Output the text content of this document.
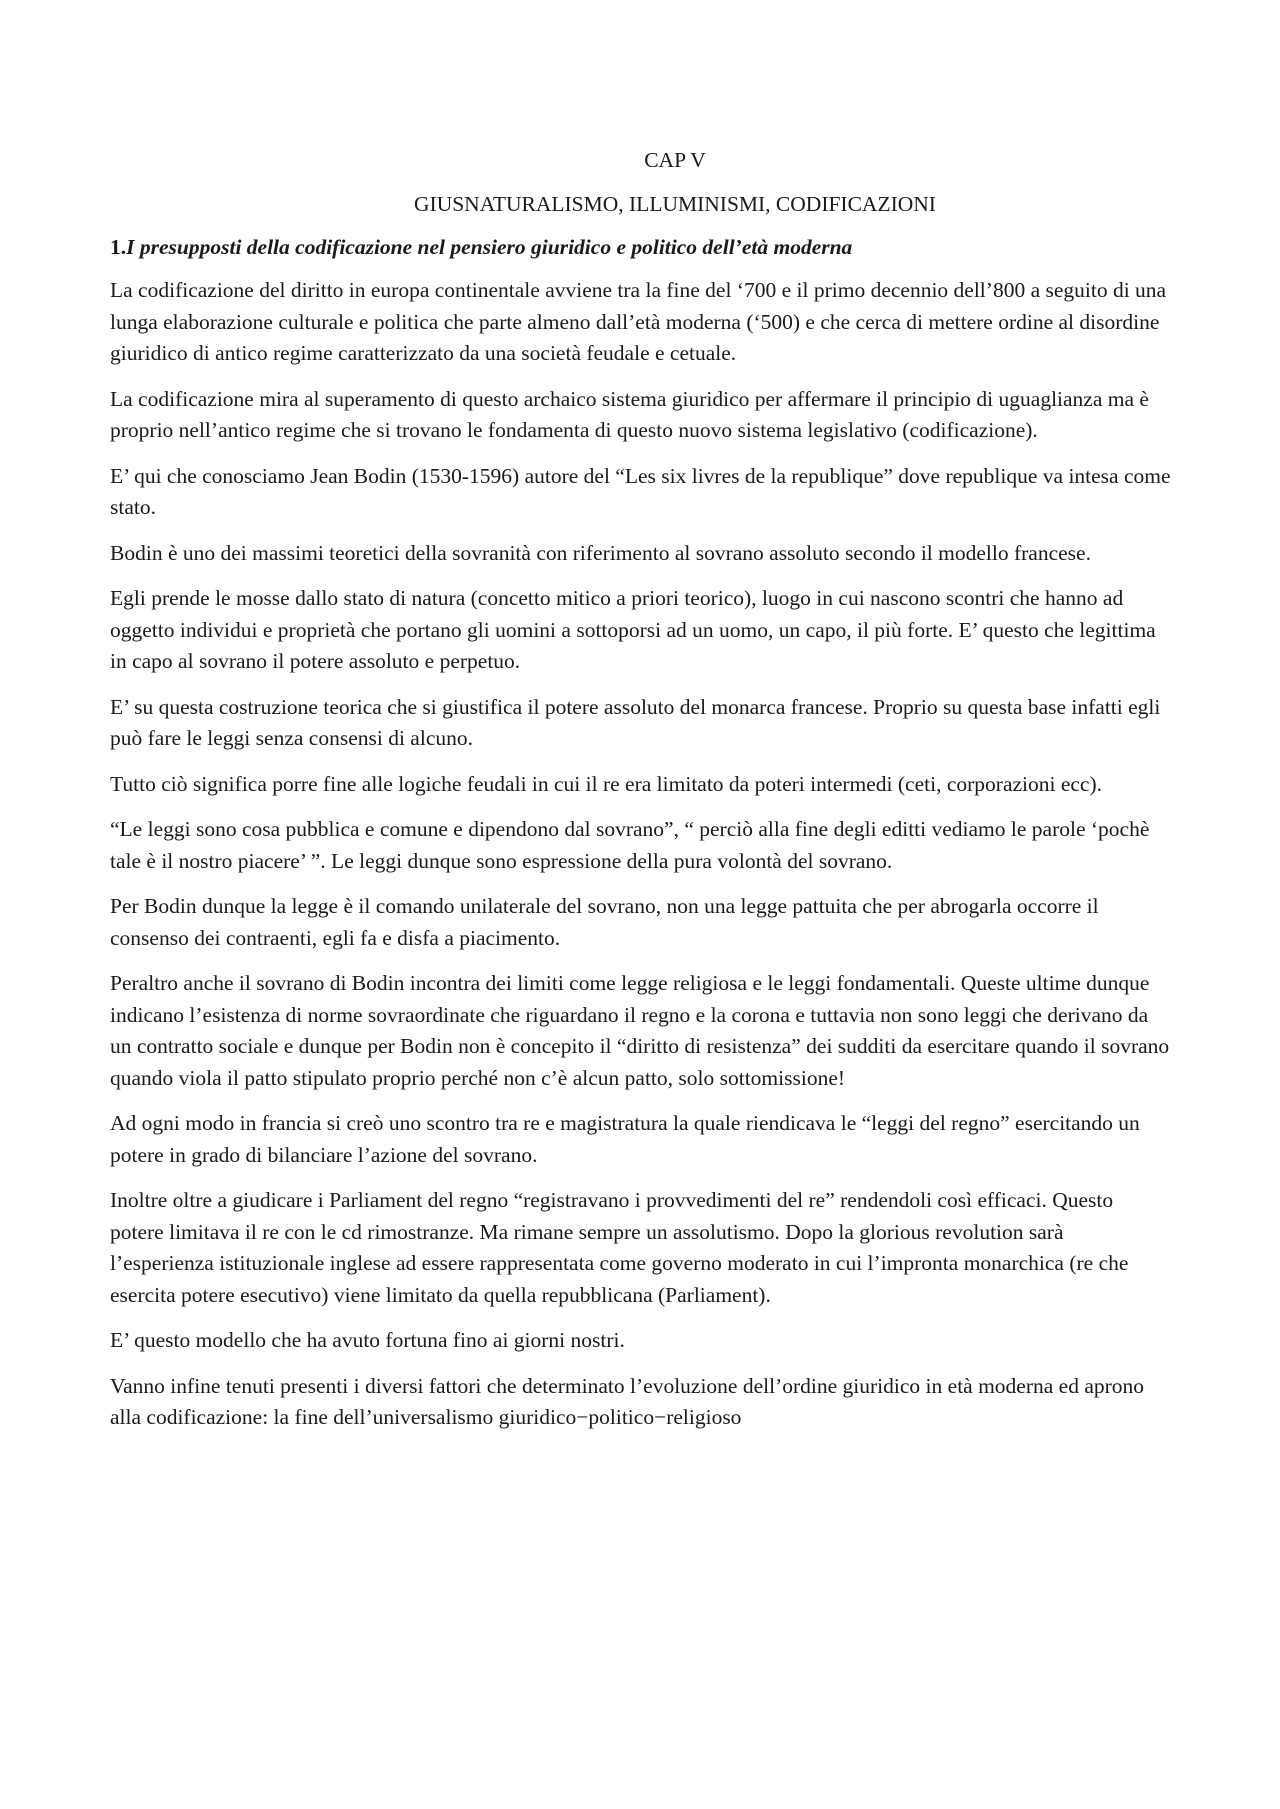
CAP V

GIUSNATURALISMO, ILLUMINISMI, CODIFICAZIONI

1.I presupposti della codificazione nel pensiero giuridico e politico dell’età moderna

La codificazione del diritto in europa continentale avviene tra la fine del ‘700 e il primo decennio dell’800 a seguito di una lunga elaborazione culturale e politica che parte almeno dall’età moderna (‘500) e che cerca di mettere ordine al disordine giuridico di antico regime caratterizzato da una società feudale e cetuale.

La codificazione mira al superamento di questo archaico sistema giuridico per affermare il principio di uguaglianza ma è proprio nell’antico regime che si trovano le fondamenta di questo nuovo sistema legislativo (codificazione).

E’ qui che conosciamo Jean Bodin (1530-1596) autore del “Les six livres de la republique” dove republique va intesa come stato.

Bodin è uno dei massimi teoretici della sovranità con riferimento al sovrano assoluto secondo il modello francese.

Egli prende le mosse dallo stato di natura (concetto mitico a priori teorico), luogo in cui nascono scontri che hanno ad oggetto individui e proprietà che portano gli uomini a sottoporsi ad un uomo, un capo, il più forte. E’ questo che legittima in capo al sovrano il potere assoluto e perpetuo.

E’ su questa costruzione teorica che si giustifica il potere assoluto del monarca francese. Proprio su questa base infatti egli può fare le leggi senza consensi di alcuno.

Tutto ciò significa porre fine alle logiche feudali in cui il re era limitato da poteri intermedi (ceti, corporazioni ecc).

“Le leggi sono cosa pubblica e comune e dipendono dal sovrano”, “ perciò alla fine degli editti vediamo le parole ‘pochè tale è il nostro piacere’ ”. Le leggi dunque sono espressione della pura volontà del sovrano.

Per Bodin dunque la legge è il comando unilaterale del sovrano, non una legge pattuita che per abrogarla occorre il consenso dei contraenti, egli fa e disfa a piacimento.

Peraltro anche il sovrano di Bodin incontra dei limiti come legge religiosa e le leggi fondamentali. Queste ultime dunque indicano l’esistenza di norme sovraordinate che riguardano il regno e la corona e tuttavia non sono leggi che derivano da un contratto sociale e dunque per Bodin non è concepito il “diritto di resistenza” dei sudditi da esercitare quando il sovrano quando viola il patto stipulato proprio perché non c’è alcun patto, solo sottomissione!

Ad ogni modo in francia si creò uno scontro tra re e magistratura la quale riendicava le “leggi del regno” esercitando un potere in grado di bilanciare l’azione del sovrano.

Inoltre oltre a giudicare i Parliament del regno “registravano i provvedimenti del re” rendendoli così efficaci. Questo potere limitava il re con le cd rimostranze. Ma rimane sempre un assolutismo. Dopo la glorious revolution sarà l’esperienza istituzionale inglese ad essere rappresentata come governo moderato in cui l’impronta monarchica (re che esercita potere esecutivo) viene limitato da quella repubblicana (Parliament).

E’ questo modello che ha avuto fortuna fino ai giorni nostri.

Vanno infine tenuti presenti i diversi fattori che determinato l’evoluzione dell’ordine giuridico in età moderna ed aprono alla codificazione: la fine dell’universalismo giuridico−politico−religioso
